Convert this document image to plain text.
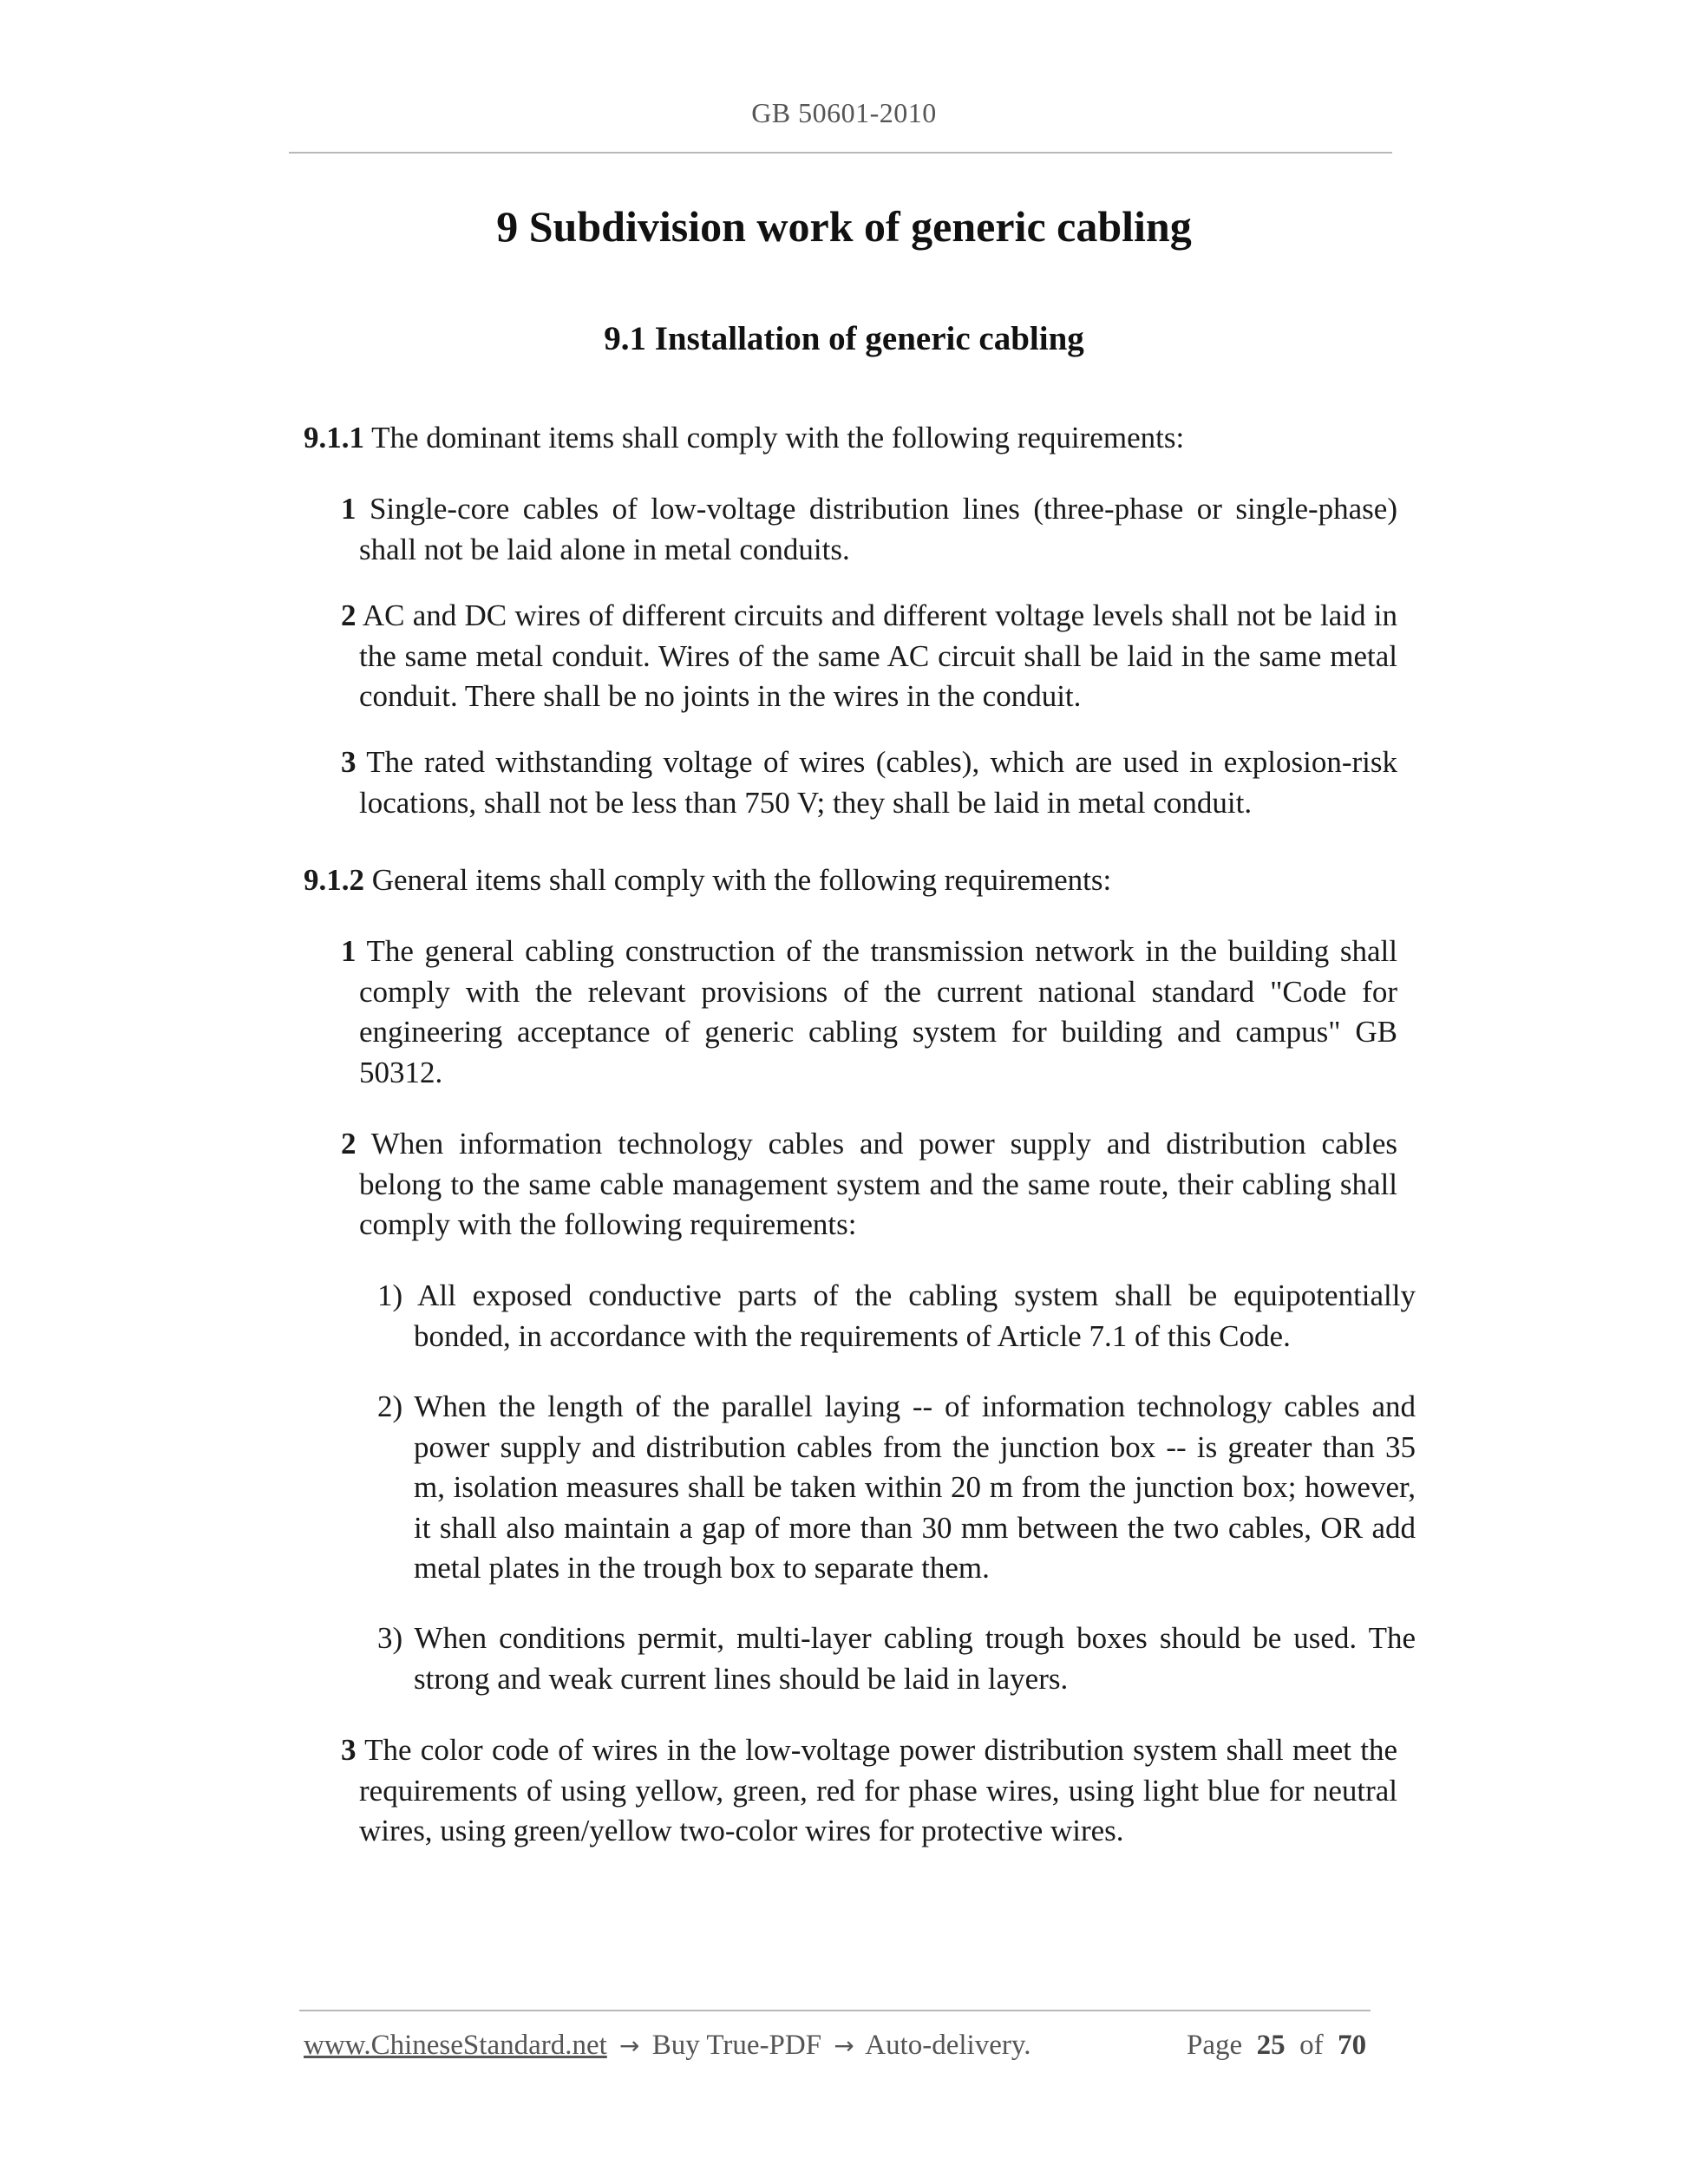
GB 50601-2010
9 Subdivision work of generic cabling
9.1 Installation of generic cabling

9.1.1 The dominant items shall comply with the following requirements:

1 Single-core cables of low-voltage distribution lines (three-phase or single-phase) shall not be laid alone in metal conduits.

2 AC and DC wires of different circuits and different voltage levels shall not be laid in the same metal conduit. Wires of the same AC circuit shall be laid in the same metal conduit. There shall be no joints in the wires in the conduit.

3 The rated withstanding voltage of wires (cables), which are used in explosion-risk locations, shall not be less than 750 V; they shall be laid in metal conduit.

9.1.2 General items shall comply with the following requirements:

1 The general cabling construction of the transmission network in the building shall comply with the relevant provisions of the current national standard "Code for engineering acceptance of generic cabling system for building and campus" GB 50312.

2 When information technology cables and power supply and distribution cables belong to the same cable management system and the same route, their cabling shall comply with the following requirements:

1) All exposed conductive parts of the cabling system shall be equipotentially bonded, in accordance with the requirements of Article 7.1 of this Code.

2) When the length of the parallel laying -- of information technology cables and power supply and distribution cables from the junction box -- is greater than 35 m, isolation measures shall be taken within 20 m from the junction box; however, it shall also maintain a gap of more than 30 mm between the two cables, OR add metal plates in the trough box to separate them.

3) When conditions permit, multi-layer cabling trough boxes should be used. The strong and weak current lines should be laid in layers.

3 The color code of wires in the low-voltage power distribution system shall meet the requirements of using yellow, green, red for phase wires, using light blue for neutral wires, using green/yellow two-color wires for protective wires.

www.ChineseStandard.net → Buy True-PDF → Auto-delivery.	Page 25 of 70
